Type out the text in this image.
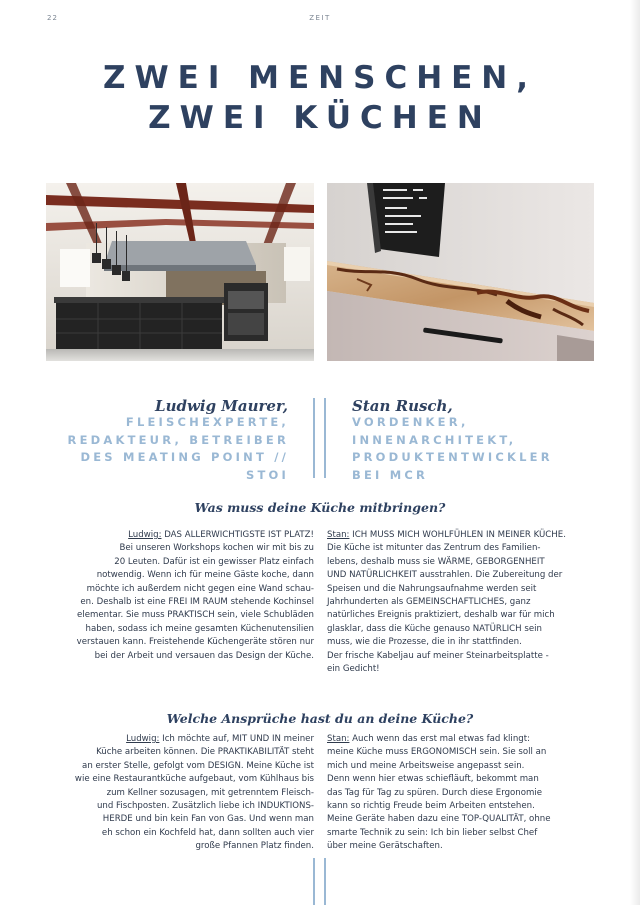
22	ZEIT
ZWEI MENSCHEN,
ZWEI KÜCHEN
Ludwig Maurer,
FLEISCHEXPERTE,
REDAKTEUR, BETREIBER
DES MEATING POINT //
STOI
Stan Rusch,
VORDENKER,
INNENARCHITEKT,
PRODUKTENTWICKLER
BEI MCR
Was muss deine Küche mitbringen?
Ludwig: DAS ALLERWICHTIGSTE IST PLATZ!
Bei unseren Workshops kochen wir mit bis zu
20 Leuten. Dafür ist ein gewisser Platz einfach
notwendig. Wenn ich für meine Gäste koche, dann
möchte ich außerdem nicht gegen eine Wand schau-
en. Deshalb ist eine FREI IM RAUM stehende Kochinsel
elementar. Sie muss PRAKTISCH sein, viele Schubläden
haben, sodass ich meine gesamten Küchenutensilien
verstauen kann. Freistehende Küchengeräte stören nur
bei der Arbeit und versauen das Design der Küche.
Stan: ICH MUSS MICH WOHLFÜHLEN IN MEINER KÜCHE.
Die Küche ist mitunter das Zentrum des Familien-
lebens, deshalb muss sie WÄRME, GEBORGENHEIT
UND NATÜRLICHKEIT ausstrahlen. Die Zubereitung der
Speisen und die Nahrungsaufnahme werden seit
Jahrhunderten als GEMEINSCHAFTLICHES, ganz
natürliches Ereignis praktiziert, deshalb war für mich
glasklar, dass die Küche genauso NATÜRLICH sein
muss, wie die Prozesse, die in ihr stattfinden.
Der frische Kabeljau auf meiner Steinarbeitsplatte -
ein Gedicht!
Welche Ansprüche hast du an deine Küche?
Ludwig: Ich möchte auf, MIT UND IN meiner
Küche arbeiten können. Die PRAKTIKABILITÄT steht
an erster Stelle, gefolgt vom DESIGN. Meine Küche ist
wie eine Restaurantküche aufgebaut, vom Kühlhaus bis
zum Kellner sozusagen, mit getrenntem Fleisch-
und Fischposten. Zusätzlich liebe ich INDUKTIONS-
HERDE und bin kein Fan von Gas. Und wenn man
eh schon ein Kochfeld hat, dann sollten auch vier
große Pfannen Platz finden.
Stan: Auch wenn das erst mal etwas fad klingt:
meine Küche muss ERGONOMISCH sein. Sie soll an
mich und meine Arbeitsweise angepasst sein.
Denn wenn hier etwas schiefläuft, bekommt man
das Tag für Tag zu spüren. Durch diese Ergonomie
kann so richtig Freude beim Arbeiten entstehen.
Meine Geräte haben dazu eine TOP-QUALITÄT, ohne
smarte Technik zu sein: Ich bin lieber selbst Chef
über meine Gerätschaften.
